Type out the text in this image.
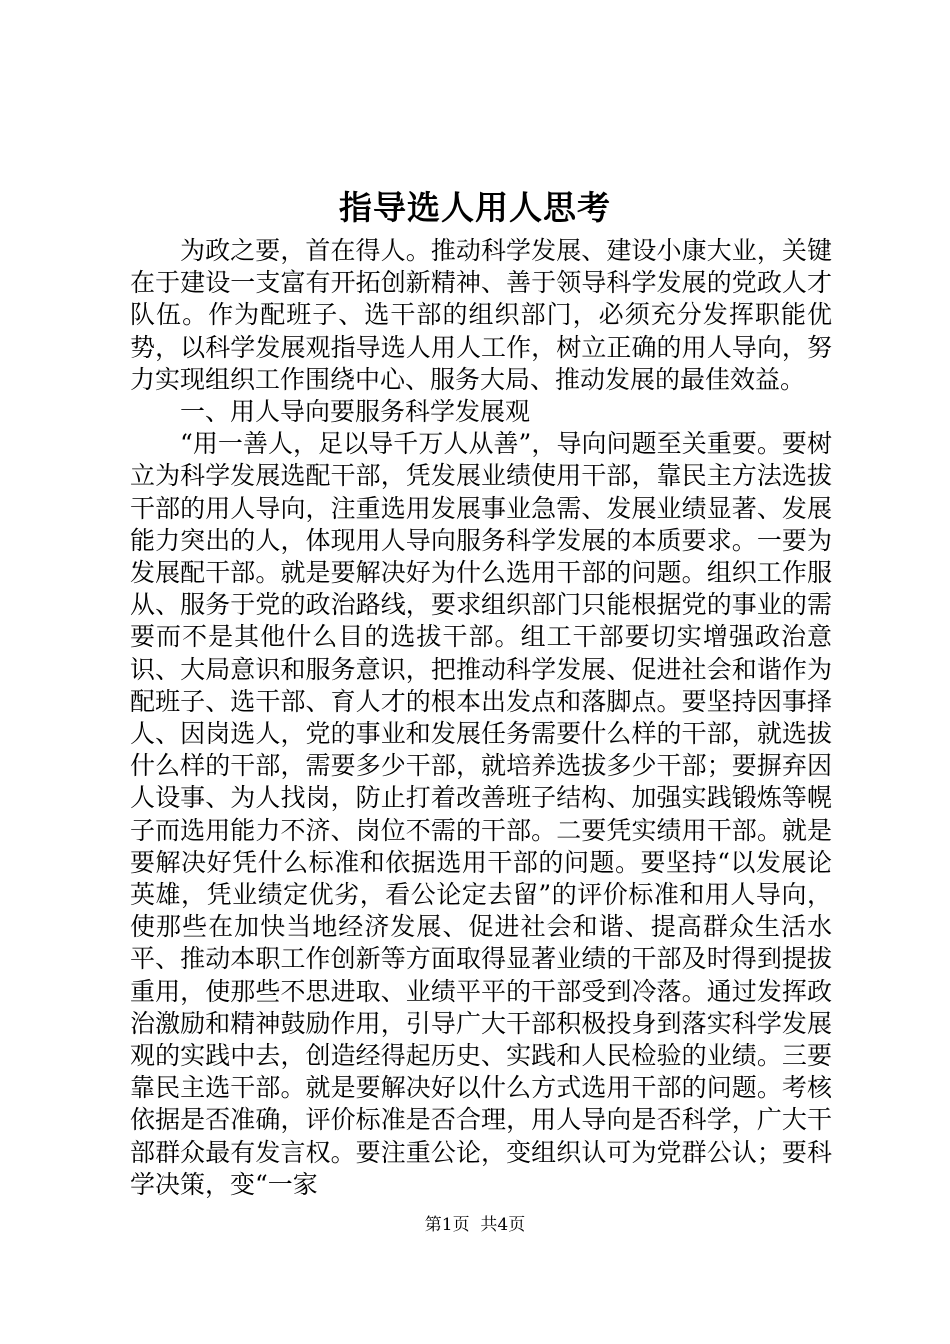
指导选人用人思考

为政之要，首在得人。推动科学发展、建设小康大业，关键在于建设一支富有开拓创新精神、善于领导科学发展的党政人才队伍。作为配班子、选干部的组织部门，必须充分发挥职能优势，以科学发展观指导选人用人工作，树立正确的用人导向，努力实现组织工作围绕中心、服务大局、推动发展的最佳效益。

一、用人导向要服务科学发展观

“用一善人，足以导千万人从善”，导向问题至关重要。要树立为科学发展选配干部，凭发展业绩使用干部，靠民主方法选拔干部的用人导向，注重选用发展事业急需、发展业绩显著、发展能力突出的人，体现用人导向服务科学发展的本质要求。一要为发展配干部。就是要解决好为什么选用干部的问题。组织工作服从、服务于党的政治路线，要求组织部门只能根据党的事业的需要而不是其他什么目的选拔干部。组工干部要切实增强政治意识、大局意识和服务意识，把推动科学发展、促进社会和谐作为配班子、选干部、育人才的根本出发点和落脚点。要坚持因事择人、因岗选人，党的事业和发展任务需要什么样的干部，就选拔什么样的干部，需要多少干部，就培养选拔多少干部；要摒弃因人设事、为人找岗，防止打着改善班子结构、加强实践锻炼等幌子而选用能力不济、岗位不需的干部。二要凭实绩用干部。就是要解决好凭什么标准和依据选用干部的问题。要坚持“以发展论英雄，凭业绩定优劣，看公论定去留”的评价标准和用人导向，使那些在加快当地经济发展、促进社会和谐、提高群众生活水平、推动本职工作创新等方面取得显著业绩的干部及时得到提拔重用，使那些不思进取、业绩平平的干部受到冷落。通过发挥政治激励和精神鼓励作用，引导广大干部积极投身到落实科学发展观的实践中去，创造经得起历史、实践和人民检验的业绩。三要靠民主选干部。就是要解决好以什么方式选用干部的问题。考核依据是否准确，评价标准是否合理，用人导向是否科学，广大干部群众最有发言权。要注重公论，变组织认可为党群公认；要科学决策，变“一家

第1页 共4页
